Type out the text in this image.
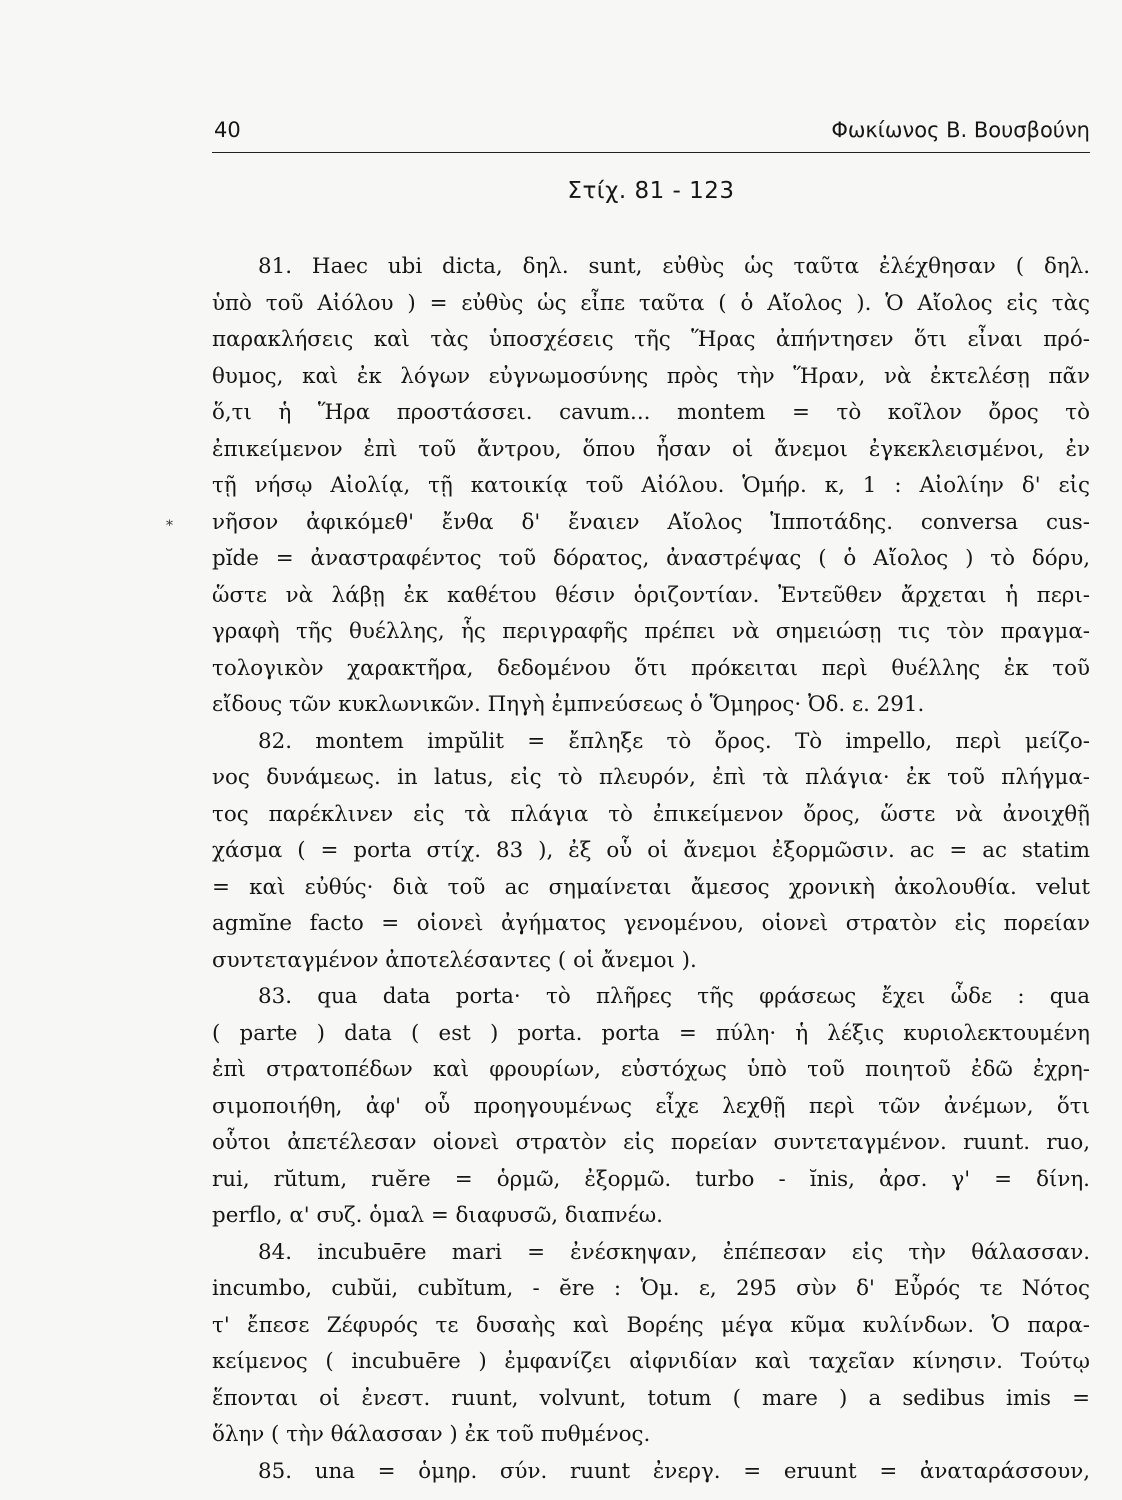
40	Φωκίωνος Β. Βουσβούνη
Στίχ. 81 - 123
*
81. Haec ubi dicta, δηλ. sunt, εὐθὺς ὡς ταῦτα ἐλέχθησαν ( δηλ.
ὑπὸ τοῦ Αἰόλου ) = εὐθὺς ὡς εἶπε ταῦτα ( ὁ Αἴολος ). Ὁ Αἴολος εἰς τὰς
παρακλήσεις καὶ τὰς ὑποσχέσεις τῆς Ἥρας ἀπήντησεν ὅτι εἶναι πρό-
θυμος, καὶ ἐκ λόγων εὐγνωμοσύνης πρὸς τὴν Ἥραν, νὰ ἐκτελέσῃ πᾶν
ὅ,τι ἡ Ἥρα προστάσσει. cavum... montem = τὸ κοῖλον ὄρος τὸ
ἐπικείμενον ἐπὶ τοῦ ἄντρου, ὅπου ἦσαν οἱ ἄνεμοι ἐγκεκλεισμένοι, ἐν
τῇ νήσῳ Αἰολίᾳ, τῇ κατοικίᾳ τοῦ Αἰόλου. Ὁμήρ. κ, 1 : Αἰολίην δ' εἰς
νῆσον ἀφικόμεθ' ἔνθα δ' ἔναιεν Αἴολος Ἱπποτάδης. conversa cus-
pĭde = ἀναστραφέντος τοῦ δόρατος, ἀναστρέψας ( ὁ Αἴολος ) τὸ δόρυ,
ὥστε νὰ λάβῃ ἐκ καθέτου θέσιν ὁριζοντίαν. Ἐντεῦθεν ἄρχεται ἡ περι-
γραφὴ τῆς θυέλλης, ἧς περιγραφῆς πρέπει νὰ σημειώσῃ τις τὸν πραγμα-
τολογικὸν χαρακτῆρα, δεδομένου ὅτι πρόκειται περὶ θυέλλης ἐκ τοῦ
εἴδους τῶν κυκλωνικῶν. Πηγὴ ἐμπνεύσεως ὁ Ὅμηρος· Ὀδ. ε. 291.
82. montem impŭlit = ἔπληξε τὸ ὄρος. Τὸ impello, περὶ μείζο-
νος δυνάμεως. in latus, εἰς τὸ πλευρόν, ἐπὶ τὰ πλάγια· ἐκ τοῦ πλήγμα-
τος παρέκλινεν εἰς τὰ πλάγια τὸ ἐπικείμενον ὄρος, ὥστε νὰ ἀνοιχθῇ
χάσμα ( = porta στίχ. 83 ), ἐξ οὗ οἱ ἄνεμοι ἐξορμῶσιν. ac = ac statim
= καὶ εὐθύς· διὰ τοῦ ac σημαίνεται ἄμεσος χρονικὴ ἀκολουθία. velut
agmĭne facto = οἱονεὶ ἀγήματος γενομένου, οἱονεὶ στρατὸν εἰς πορείαν
συντεταγμένον ἀποτελέσαντες ( οἱ ἄνεμοι ).
83. qua data porta· τὸ πλῆρες τῆς φράσεως ἔχει ὧδε : qua
( parte ) data ( est ) porta. porta = πύλη· ἡ λέξις κυριολεκτουμένη
ἐπὶ στρατοπέδων καὶ φρουρίων, εὐστόχως ὑπὸ τοῦ ποιητοῦ ἐδῶ ἐχρη-
σιμοποιήθη, ἀφ' οὗ προηγουμένως εἶχε λεχθῇ περὶ τῶν ἀνέμων, ὅτι
οὗτοι ἀπετέλεσαν οἱονεὶ στρατὸν εἰς πορείαν συντεταγμένον. ruunt. ruo,
rui, rŭtum, ruĕre = ὁρμῶ, ἐξορμῶ. turbo - ĭnis, ἀρσ. γ' = δίνη.
perflo, α' συζ. ὁμαλ = διαφυσῶ, διαπνέω.
84. incubuēre mari = ἐνέσκηψαν, ἐπέπεσαν εἰς τὴν θάλασσαν.
incumbo, cubŭi, cubĭtum, - ĕre : Ὁμ. ε, 295 σὺν δ' Εὖρός τε Νότος
τ' ἔπεσε Ζέφυρός τε δυσαὴς καὶ Βορέης μέγα κῦμα κυλίνδων. Ὁ παρα-
κείμενος ( incubuēre ) ἐμφανίζει αἰφνιδίαν καὶ ταχεῖαν κίνησιν. Τούτῳ
ἕπονται οἱ ἐνεστ. ruunt, volvunt, totum ( mare ) a sedibus imis =
ὅλην ( τὴν θάλασσαν ) ἐκ τοῦ πυθμένος.
85. una = ὁμηρ. σύν. ruunt ἐνεργ. = eruunt = ἀναταράσσουν,
